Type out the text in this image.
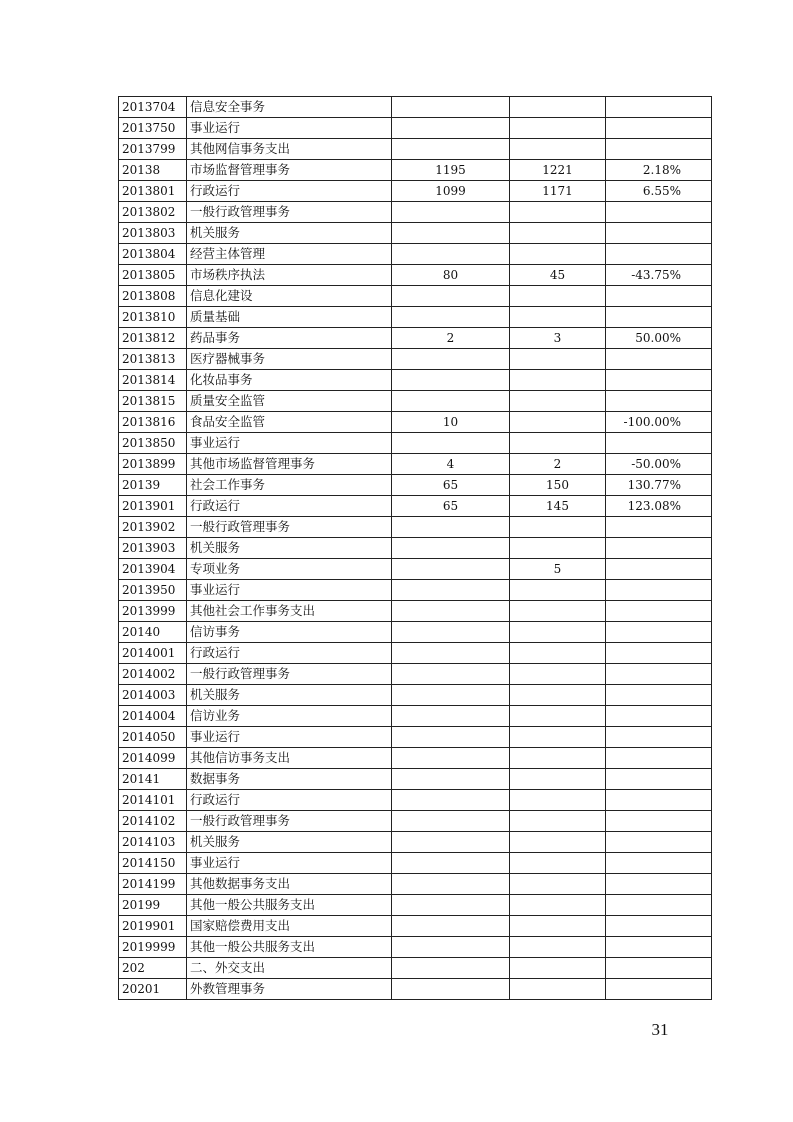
2013704	信息安全事务			
2013750	事业运行			
2013799	其他网信事务支出			
20138	市场监督管理事务	1195	1221	2.18%
2013801	行政运行	1099	1171	6.55%
2013802	一般行政管理事务			
2013803	机关服务			
2013804	经营主体管理			
2013805	市场秩序执法	80	45	-43.75%
2013808	信息化建设			
2013810	质量基础			
2013812	药品事务	2	3	50.00%
2013813	医疗器械事务			
2013814	化妆品事务			
2013815	质量安全监管			
2013816	食品安全监管	10		-100.00%
2013850	事业运行			
2013899	其他市场监督管理事务	4	2	-50.00%
20139	社会工作事务	65	150	130.77%
2013901	行政运行	65	145	123.08%
2013902	一般行政管理事务			
2013903	机关服务			
2013904	专项业务		5	
2013950	事业运行			
2013999	其他社会工作事务支出			
20140	信访事务			
2014001	行政运行			
2014002	一般行政管理事务			
2014003	机关服务			
2014004	信访业务			
2014050	事业运行			
2014099	其他信访事务支出			
20141	数据事务			
2014101	行政运行			
2014102	一般行政管理事务			
2014103	机关服务			
2014150	事业运行			
2014199	其他数据事务支出			
20199	其他一般公共服务支出			
2019901	国家赔偿费用支出			
2019999	其他一般公共服务支出			
202	二、外交支出			
20201	外教管理事务			
31
